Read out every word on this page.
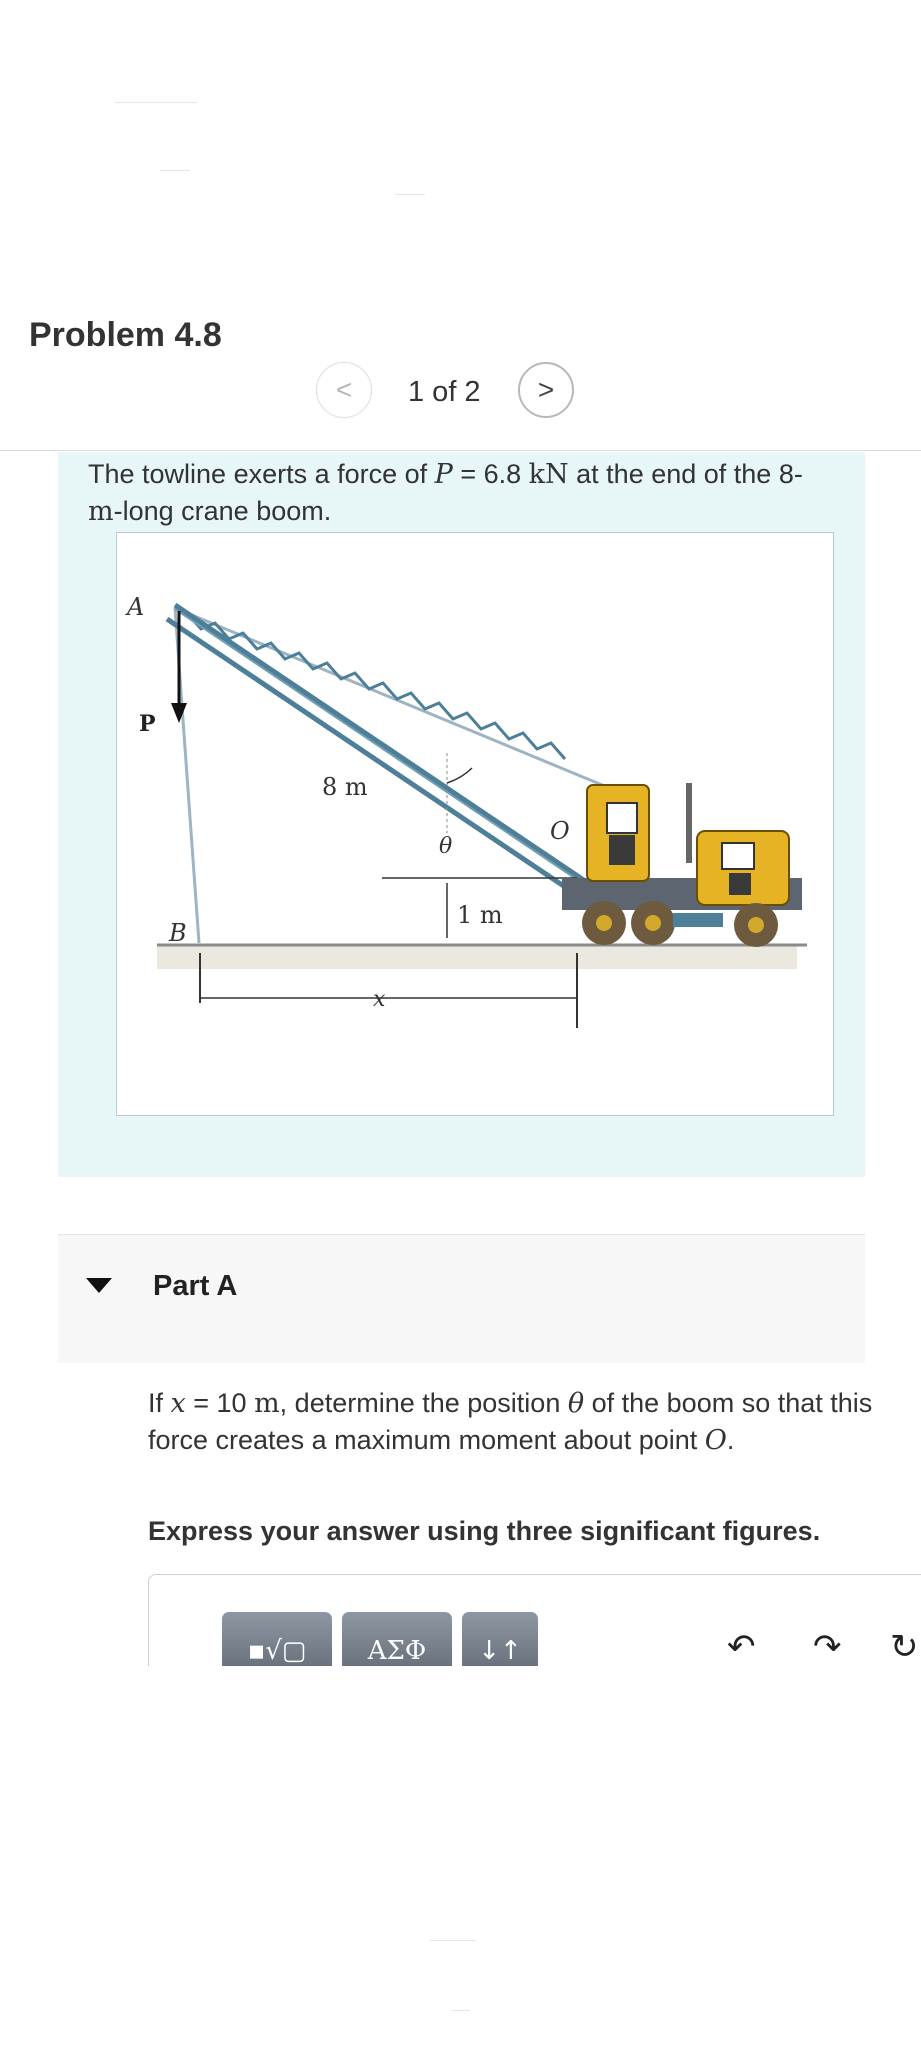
Problem 4.8
< 1 of 2 >
The towline exerts a force of P = 6.8 kN at the end of the 8-m-long crane boom.
A
P
B
8 m
θ
O
1 m
x
Part A
If x = 10 m, determine the position θ of the boom so that this force creates a maximum moment about point O.
Express your answer using three significant figures.
▪√▢	ΑΣΦ	↓↑	↶ ↷ ↻
